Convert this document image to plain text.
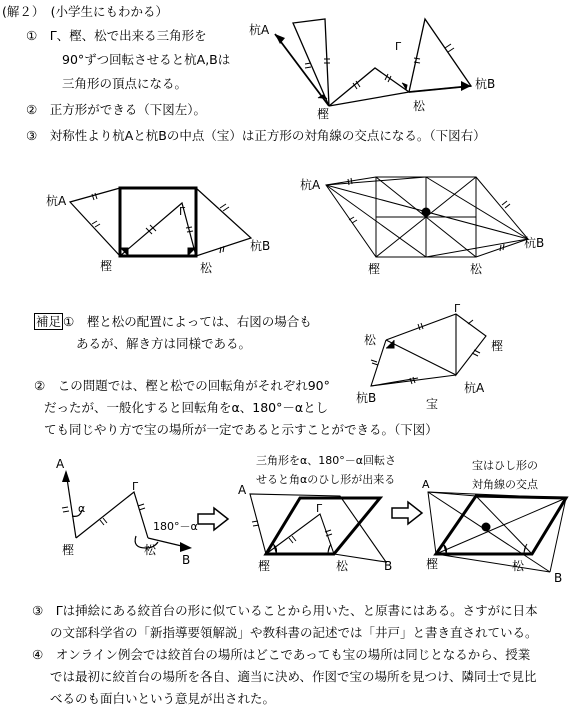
(解２）　(小学生にもわかる）
①　Γ、樫、松で出来る三角形を
90°ずつ回転させると杭A,Bは
三角形の頂点になる。
②　正方形ができる（下図左）。
③　対称性より杭Aと杭Bの中点（宝）は正方形の対角線の交点になる。（下図右）
杭A
Γ
樫
松
杭B
杭A
Γ
樫	松
杭B
杭A
樫	松
杭B
補足 ①　樫と松の配置によっては、右図の場合も
あるが、解き方は同様である。
②　この問題では、樫と松での回転角がそれぞれ90°
だったが、一般化すると回転角をα、180°－αとし
ても同じやり方で宝の場所が一定であると示すことができる。（下図）
Γ
松	樫
杭A
杭B	宝
A
α
Γ
180°－α
樫	松
B
三角形をα、180°－α回転さ
せると角αのひし形が出来る
A
Γ
樫	松	B
宝はひし形の
対角線の交点
A
樫	松
B
③　Γは挿絵にある絞首台の形に似ていることから用いた、と原書にはある。さすがに日本
の文部科学省の「新指導要領解説」や教科書の記述では「井戸」と書き直されている。
④　オンライン例会では絞首台の場所はどこであっても宝の場所は同じとなるから、授業
では最初に絞首台の場所を各自、適当に決め、作図で宝の場所を見つけ、隣同士で見比
べるのも面白いという意見が出された。
